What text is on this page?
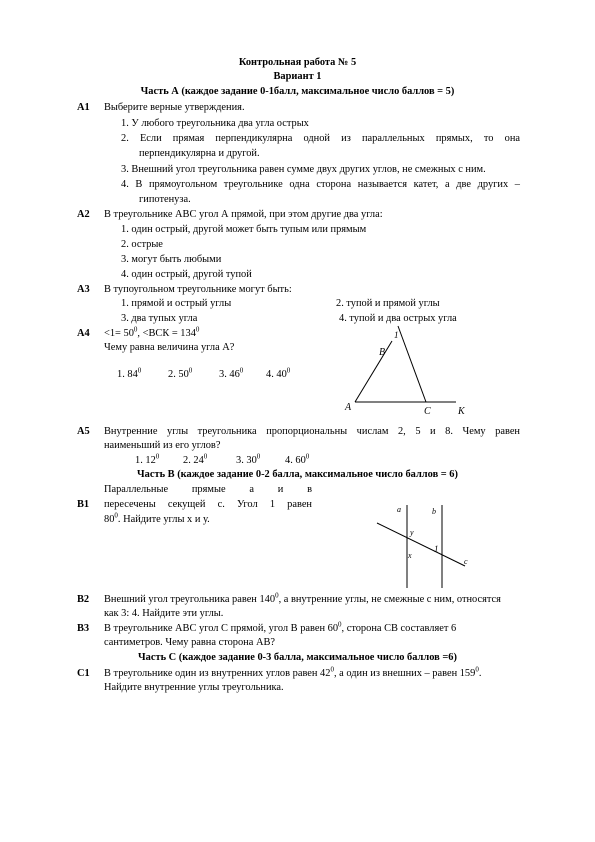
Контрольная работа № 5
Вариант 1
Часть А (каждое задание 0-1балл, максимальное число баллов = 5)
А1 Выберите верные утверждения.
1. У любого треугольника два угла острых
2. Если прямая перпендикулярна одной из параллельных прямых, то она
перпендикулярна и другой.
3. Внешний угол треугольника равен сумме двух других углов, не смежных с ним.
4. В прямоугольном треугольнике одна сторона называется катет, а две других –
гипотенуза.
А2 В треугольнике АВС угол А прямой, при этом другие два угла:
1. один острый, другой может быть тупым или прямым
2. острые
3. могут быть любыми
4. один острый, другой тупой
А3 В тупоугольном треугольнике могут быть:
1. прямой и острый углы	2. тупой и прямой углы
3. два тупых угла	4. тупой и два острых угла
$А4 <1= 50^0$, $<ВСК = 134^0$
Чему равна величина угла А?
1. $84^0$	2. $50^0$	3. $46^0$ 4. $40^0$
A
B
C	K
1
А5 Внутренние углы треугольника пропорциональны числам 2, 5 и 8. Чему равен
наименьший из его углов?
1. $12^0$ 2. $24^0$	3. $30^0$ 4. $60^0$
Часть В (каждое задание 0-2 балла, максимальное число баллов = 6)
Параллельные прямые а и в
В1 пересечены секущей с. Угол 1 равен
$80^0$. Найдите углы х и у.
a	b
c
y
x
1
В2 Внешний угол треугольника равен $140^0$, а внутренние углы, не смежные с ним, относятся
как 3: 4. Найдите эти углы.
В3 В треугольнике АВС угол С прямой, угол В равен $60^0$, сторона СВ составляет 6
сантиметров. Чему равна сторона АВ?
Часть С (каждое задание 0-3 балла, максимальное число баллов =6)
С1 В треугольнике один из внутренних углов равен $42^0$, а один из внешних – равен $159^0$.
Найдите внутренние углы треугольника.
